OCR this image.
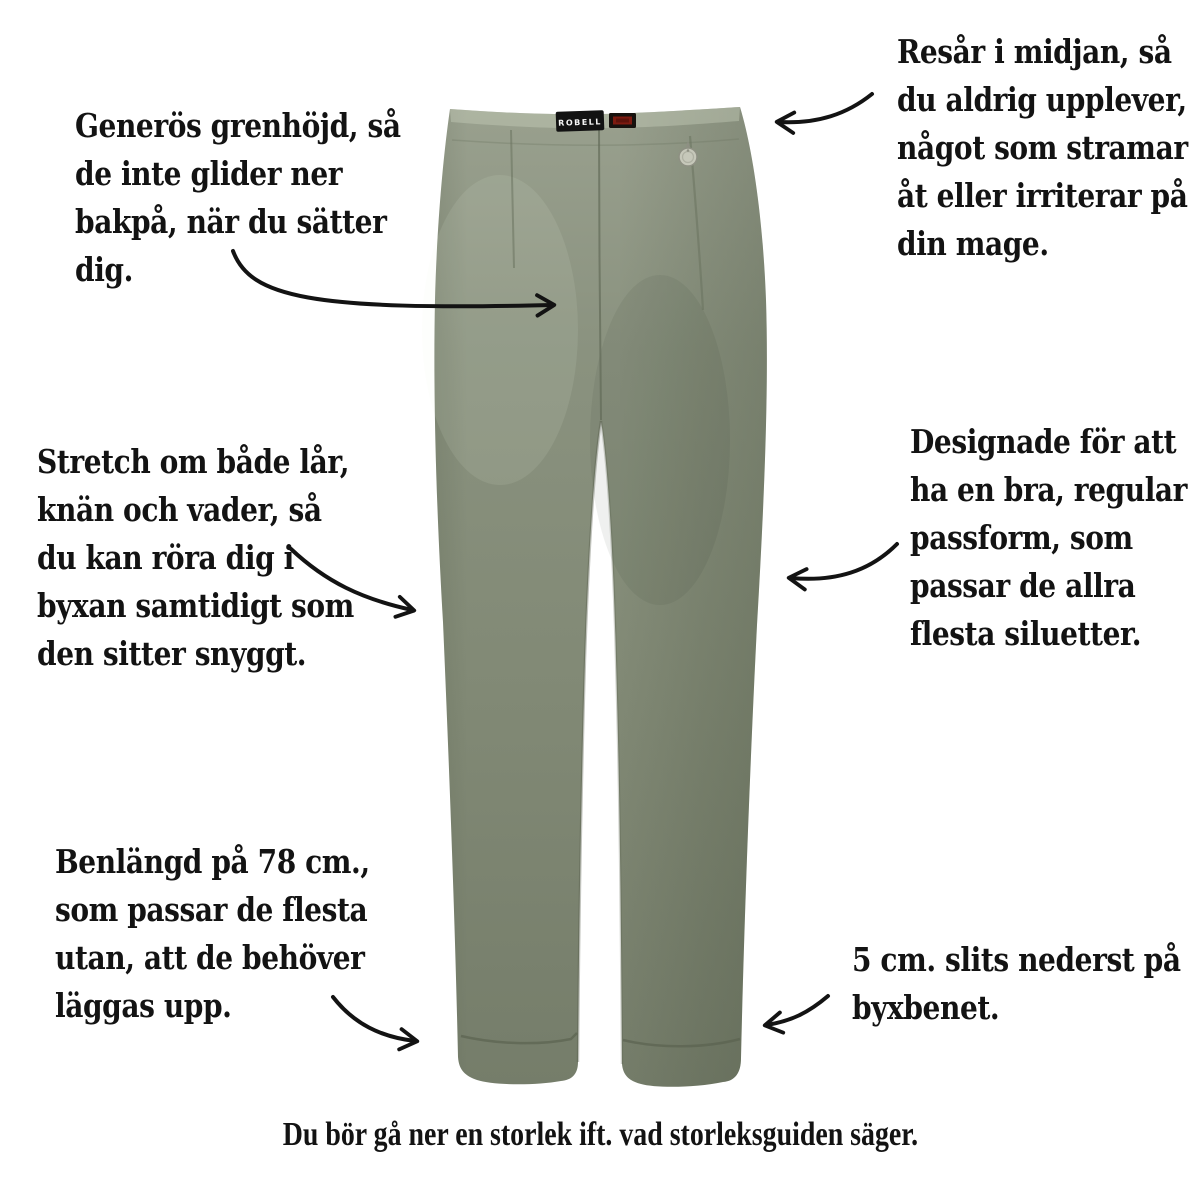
ROBELL

Generös grenhöjd, så

de inte glider ner

bakpå, när du sätter

dig.

Resår i midjan, så

du aldrig upplever,

något som stramar

åt eller irriterar på

din mage.

Stretch om både lår,

knän och vader, så

du kan röra dig i

byxan samtidigt som

den sitter snyggt.

Designade för att

ha en bra, regular

passform, som

passar de allra

flesta siluetter.

Benlängd på 78 cm.,

som passar de flesta

utan, att de behöver

läggas upp.

5 cm. slits nederst på

byxbenet.

Du bör gå ner en storlek ift. vad storleksguiden säger.
